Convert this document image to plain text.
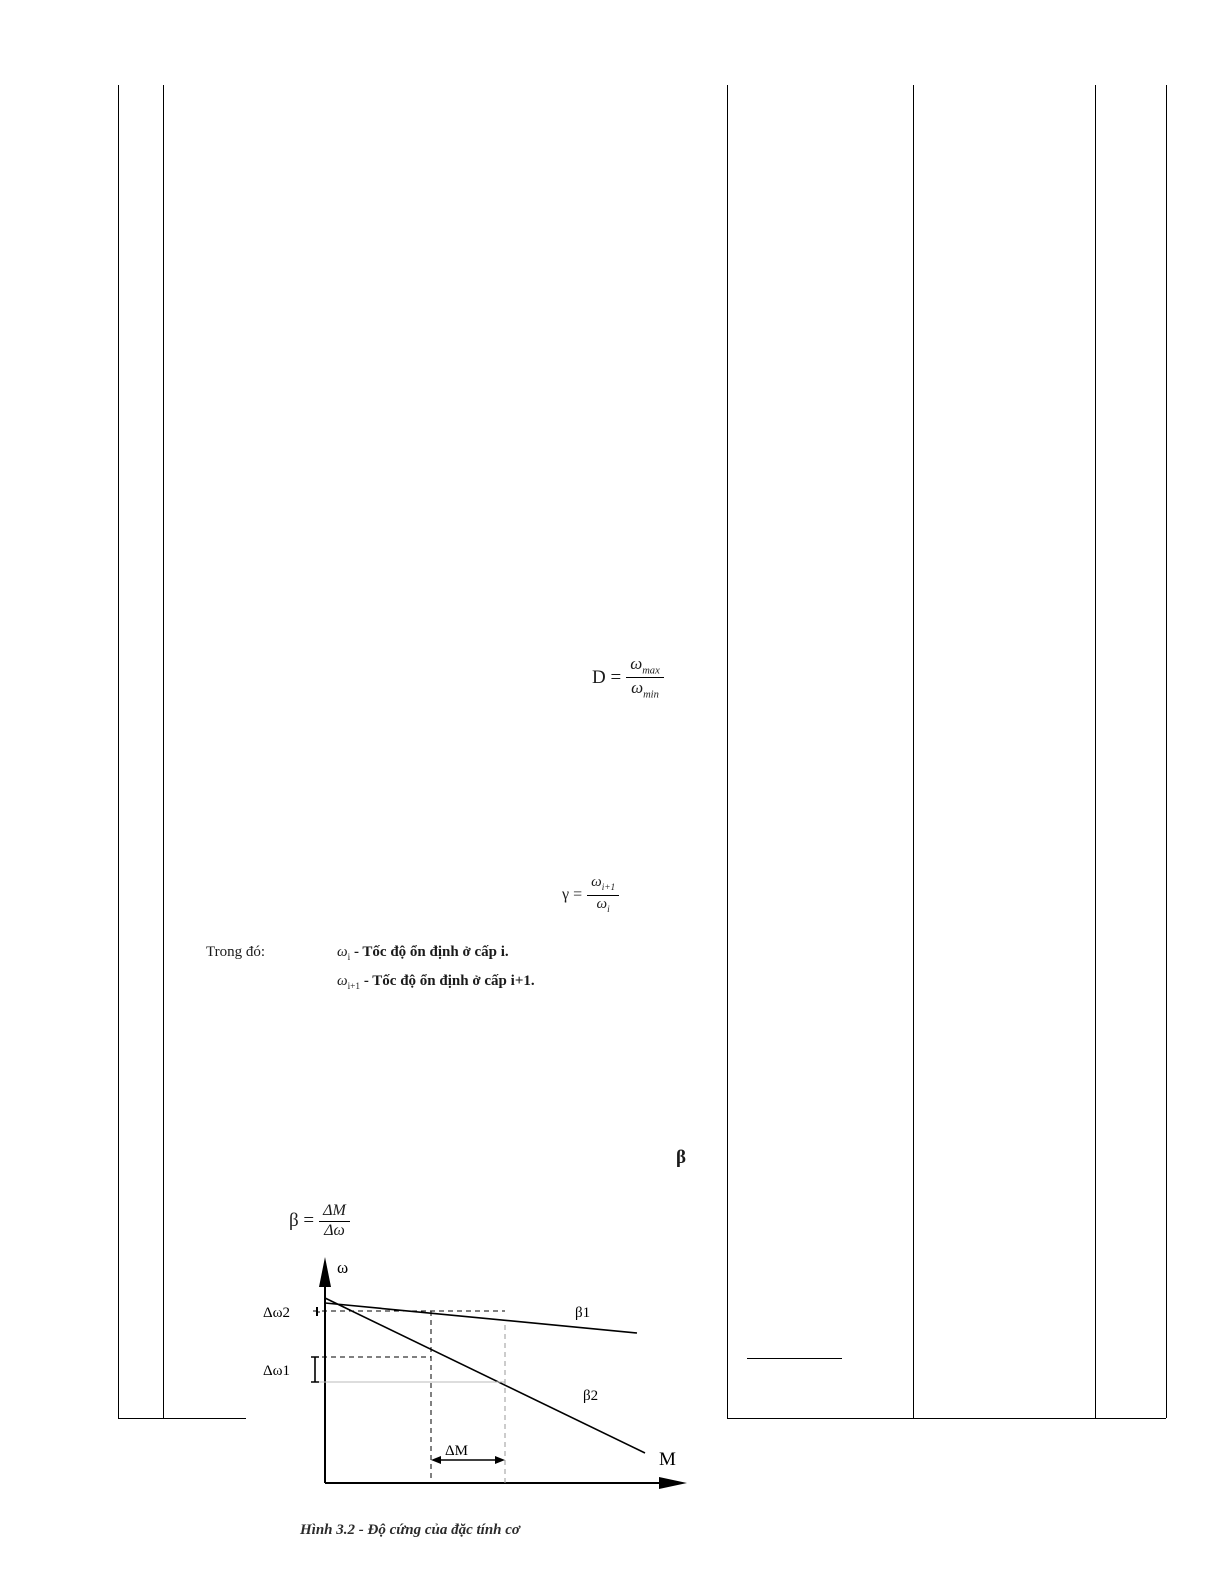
$D = \frac{\omega_{max}}{\omega_{min}}$
$\gamma = \frac{\omega_{i+1}}{\omega_i}$
Trong đó:	$\omega_i$ - Tốc độ ổn định ở cấp i.
$\omega_{i+1}$ - Tốc độ ổn định ở cấp i+1.
β
$\beta = \frac{\Delta M}{\Delta\omega}$
ω
M
Δω2
Δω1
ΔM
β1
β2
Hình 3.2 - Độ cứng của đặc tính cơ
